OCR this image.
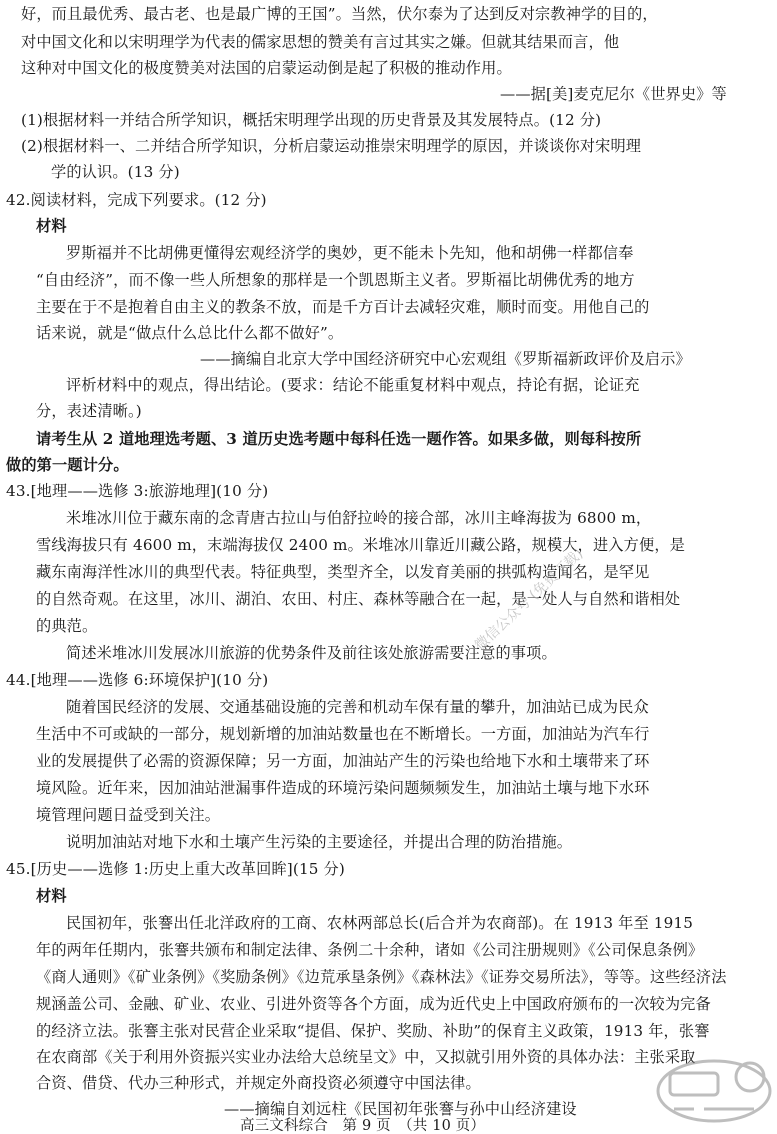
好，而且最优秀、最古老、也是最广博的王国”。当然，伏尔泰为了达到反对宗教神学的目的，
对中国文化和以宋明理学为代表的儒家思想的赞美有言过其实之嫌。但就其结果而言，他
这种对中国文化的极度赞美对法国的启蒙运动倒是起了积极的推动作用。
——据[美]麦克尼尔《世界史》等
(1)根据材料一并结合所学知识，概括宋明理学出现的历史背景及其发展特点。(12 分)
(2)根据材料一、二并结合所学知识，分析启蒙运动推崇宋明理学的原因，并谈谈你对宋明理
学的认识。(13 分)
42.阅读材料，完成下列要求。(12 分)
材料
罗斯福并不比胡佛更懂得宏观经济学的奥妙，更不能未卜先知，他和胡佛一样都信奉
“自由经济”，而不像一些人所想象的那样是一个凯恩斯主义者。罗斯福比胡佛优秀的地方
主要在于不是抱着自由主义的教条不放，而是千方百计去减轻灾难，顺时而变。用他自己的
话来说，就是“做点什么总比什么都不做好”。
——摘编自北京大学中国经济研究中心宏观组《罗斯福新政评价及启示》
评析材料中的观点，得出结论。(要求：结论不能重复材料中观点，持论有据，论证充
分，表述清晰。)
请考生从 2 道地理选考题、3 道历史选考题中每科任选一题作答。如果多做，则每科按所
做的第一题计分。
43.[地理——选修 3:旅游地理](10 分)
米堆冰川位于藏东南的念青唐古拉山与伯舒拉岭的接合部，冰川主峰海拔为 6800 m，
雪线海拔只有 4600 m，末端海拔仅 2400 m。米堆冰川靠近川藏公路，规模大，进入方便，是
藏东南海洋性冰川的典型代表。特征典型，类型齐全，以发育美丽的拱弧构造闻名，是罕见
的自然奇观。在这里，冰川、湖泊、农田、村庄、森林等融合在一起，是一处人与自然和谐相处
的典范。
简述米堆冰川发展冰川旅游的优势条件及前往该处旅游需要注意的事项。
44.[地理——选修 6:环境保护](10 分)
随着国民经济的发展、交通基础设施的完善和机动车保有量的攀升，加油站已成为民众
生活中不可或缺的一部分，规划新增的加油站数量也在不断增长。一方面，加油站为汽车行
业的发展提供了必需的资源保障；另一方面，加油站产生的污染也给地下水和土壤带来了环
境风险。近年来，因加油站泄漏事件造成的环境污染问题频频发生，加油站土壤与地下水环
境管理问题日益受到关注。
说明加油站对地下水和土壤产生污染的主要途径，并提出合理的防治措施。
45.[历史——选修 1:历史上重大改革回眸](15 分)
材料
民国初年，张謇出任北洋政府的工商、农林两部总长(后合并为农商部)。在 1913 年至 1915
年的两年任期内，张謇共颁布和制定法律、条例二十余种，诸如《公司注册规则》《公司保息条例》
《商人通则》《矿业条例》《奖励条例》《边荒承垦条例》《森林法》《证券交易所法》，等等。这些经济法
规涵盖公司、金融、矿业、农业、引进外资等各个方面，成为近代史上中国政府颁布的一次较为完备
的经济立法。张謇主张对民营企业采取“提倡、保护、奖励、补助”的保育主义政策，1913 年，张謇
在农商部《关于利用外资振兴实业办法给大总统呈文》中，又拟就引用外资的具体办法：主张采取
合资、借贷、代办三种形式，并规定外商投资必须遵守中国法律。
——摘编自刘远柱《民国初年张謇与孙中山经济建设
高三文科综合　第 9 页　（共 10 页）
微信公众号 (免费下载)
